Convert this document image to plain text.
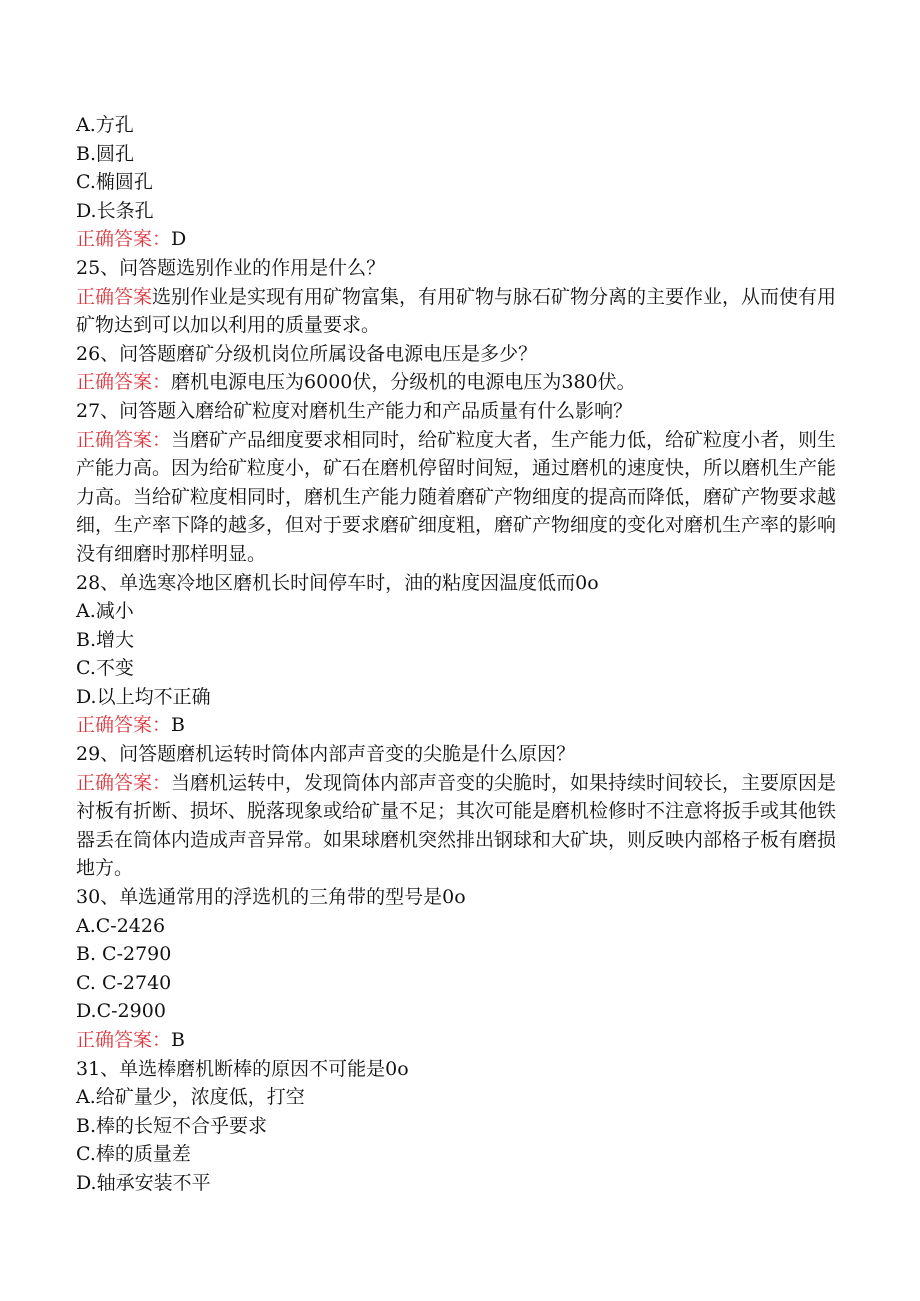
A.方孔
B.圆孔
C.椭圆孔
D.长条孔
正确答案：D
25、问答题选别作业的作用是什么？
正确答案选别作业是实现有用矿物富集，有用矿物与脉石矿物分离的主要作业，从而使有用矿物达到可以加以利用的质量要求。
26、问答题磨矿分级机岗位所属设备电源电压是多少？
正确答案：磨机电源电压为6000伏，分级机的电源电压为380伏。
27、问答题入磨给矿粒度对磨机生产能力和产品质量有什么影响？
正确答案：当磨矿产品细度要求相同时，给矿粒度大者，生产能力低，给矿粒度小者，则生产能力高。因为给矿粒度小，矿石在磨机停留时间短，通过磨机的速度快，所以磨机生产能力高。当给矿粒度相同时，磨机生产能力随着磨矿产物细度的提高而降低，磨矿产物要求越细，生产率下降的越多，但对于要求磨矿细度粗，磨矿产物细度的变化对磨机生产率的影响没有细磨时那样明显。
28、单选寒冷地区磨机长时间停车时，油的粘度因温度低而0o
A.减小
B.增大
C.不变
D.以上均不正确
正确答案：B
29、问答题磨机运转时筒体内部声音变的尖脆是什么原因？
正确答案：当磨机运转中，发现筒体内部声音变的尖脆时，如果持续时间较长，主要原因是衬板有折断、损坏、脱落现象或给矿量不足；其次可能是磨机检修时不注意将扳手或其他铁器丢在筒体内造成声音异常。如果球磨机突然排出钢球和大矿块，则反映内部格子板有磨损地方。
30、单选通常用的浮选机的三角带的型号是0o
A.C-2426
B. C-2790
C. C-2740
D.C-2900
正确答案：B
31、单选棒磨机断棒的原因不可能是0o
A.给矿量少，浓度低，打空
B.棒的长短不合乎要求
C.棒的质量差
D.轴承安装不平
